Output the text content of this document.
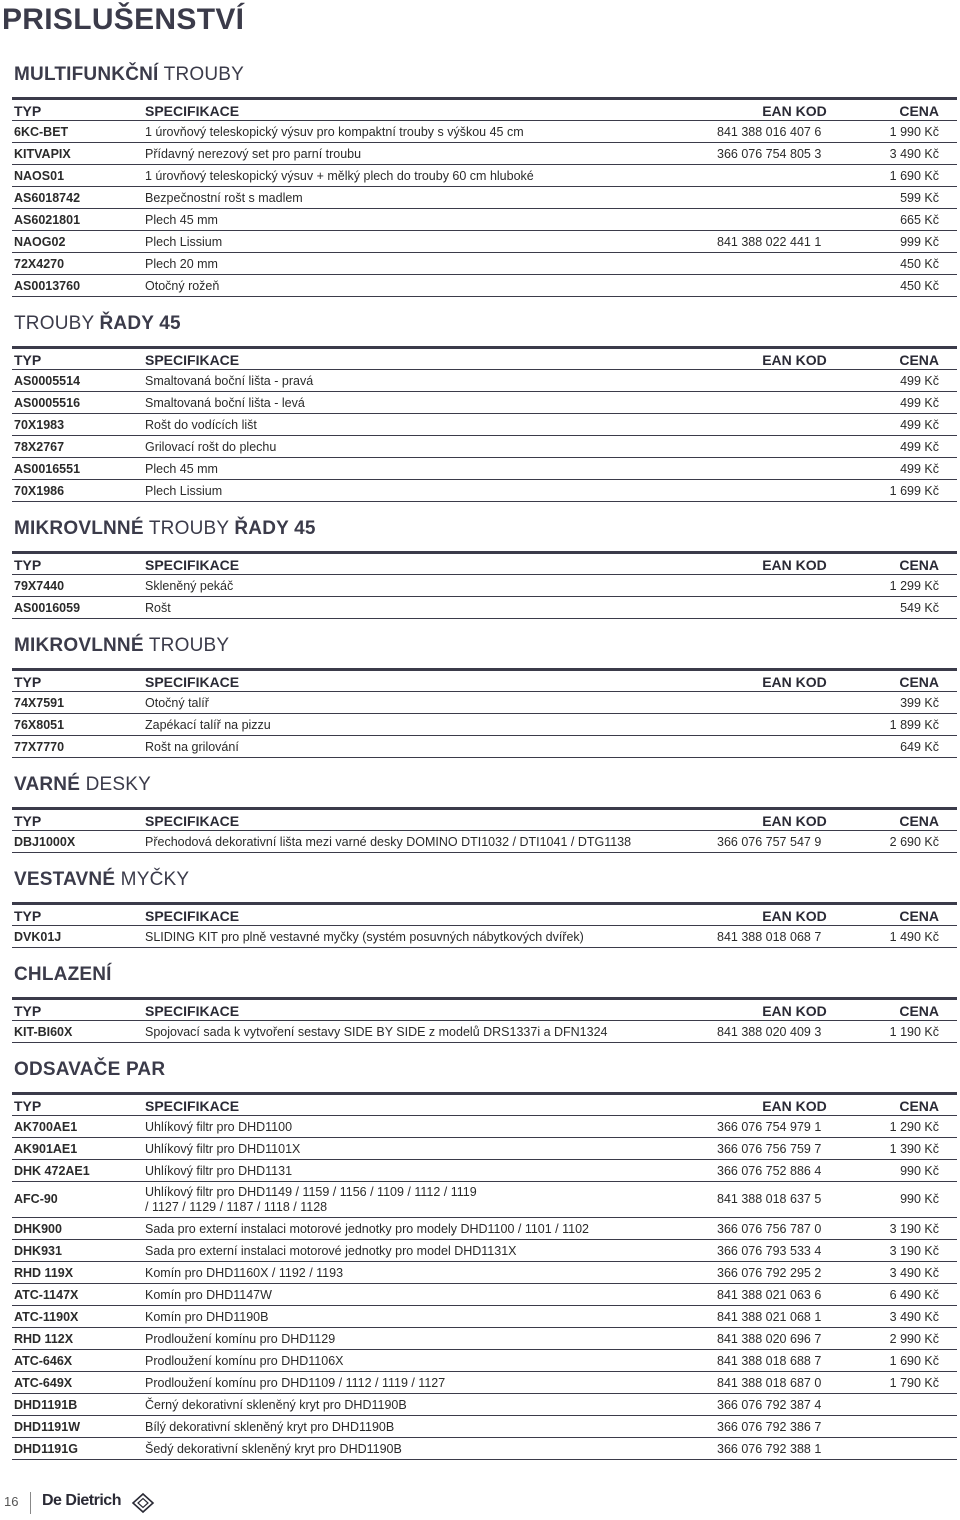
PRISLUŠENSTVÍ
MULTIFUNKČNÍ TROUBY
TYP	SPECIFIKACE	EAN KOD	CENA
6KC-BET	1 úrovňový teleskopický výsuv pro kompaktní trouby s výškou 45 cm	841 388 016 407 6	1 990 Kč
KITVAPIX	Přídavný nerezový set pro parní troubu	366 076 754 805 3	3 490 Kč
NAOS01	1 úrovňový teleskopický výsuv + mělký plech do trouby 60 cm hluboké		1 690 Kč
AS6018742	Bezpečnostní rošt s madlem		599 Kč
AS6021801	Plech 45 mm		665 Kč
NAOG02	Plech Lissium	841 388 022 441 1	999 Kč
72X4270	Plech 20 mm		450 Kč
AS0013760	Otočný rožeň		450 Kč
TROUBY ŘADY 45
TYP	SPECIFIKACE	EAN KOD	CENA
AS0005514	Smaltovaná boční lišta - pravá		499 Kč
AS0005516	Smaltovaná boční lišta - levá		499 Kč
70X1983	Rošt do vodících lišt		499 Kč
78X2767	Grilovací rošt do plechu		499 Kč
AS0016551	Plech 45 mm		499 Kč
70X1986	Plech Lissium		1 699 Kč
MIKROVLNNÉ TROUBY ŘADY 45
TYP	SPECIFIKACE	EAN KOD	CENA
79X7440	Skleněný pekáč		1 299 Kč
AS0016059	Rošt		549 Kč
MIKROVLNNÉ TROUBY
TYP	SPECIFIKACE	EAN KOD	CENA
74X7591	Otočný talíř		399 Kč
76X8051	Zapékací talíř na pizzu		1 899 Kč
77X7770	Rošt na grilování		649 Kč
VARNÉ DESKY
TYP	SPECIFIKACE	EAN KOD	CENA
DBJ1000X	Přechodová dekorativní lišta mezi varné desky DOMINO DTI1032 / DTI1041 / DTG1138	366 076 757 547 9	2 690 Kč
VESTAVNÉ MYČKY
TYP	SPECIFIKACE	EAN KOD	CENA
DVK01J	SLIDING KIT pro plně vestavné myčky (systém posuvných nábytkových dvířek)	841 388 018 068 7	1 490 Kč
CHLAZENÍ
TYP	SPECIFIKACE	EAN KOD	CENA
KIT-BI60X	Spojovací sada k vytvoření sestavy SIDE BY SIDE z modelů DRS1337i a DFN1324	841 388 020 409 3	1 190 Kč
ODSAVAČE PAR
TYP	SPECIFIKACE	EAN KOD	CENA
AK700AE1	Uhlíkový filtr pro DHD1100	366 076 754 979 1	1 290 Kč
AK901AE1	Uhlíkový filtr pro DHD1101X	366 076 756 759 7	1 390 Kč
DHK 472AE1	Uhlíkový filtr pro DHD1131	366 076 752 886 4	990 Kč
AFC-90	Uhlíkový filtr pro DHD1149 / 1159 / 1156 / 1109 / 1112 / 1119
/ 1127 / 1129 / 1187 / 1118 / 1128	841 388 018 637 5	990 Kč
DHK900	Sada pro externí instalaci motorové jednotky pro modely DHD1100 / 1101 / 1102	366 076 756 787 0	3 190 Kč
DHK931	Sada pro externí instalaci motorové jednotky pro model DHD1131X	366 076 793 533 4	3 190 Kč
RHD 119X	Komín pro DHD1160X / 1192 / 1193	366 076 792 295 2	3 490 Kč
ATC-1147X	Komín pro DHD1147W	841 388 021 063 6	6 490 Kč
ATC-1190X	Komín pro DHD1190B	841 388 021 068 1	3 490 Kč
RHD 112X	Prodloužení komínu pro DHD1129	841 388 020 696 7	2 990 Kč
ATC-646X	Prodloužení komínu pro DHD1106X	841 388 018 688 7	1 690 Kč
ATC-649X	Prodloužení komínu pro DHD1109 / 1112 / 1119 / 1127	841 388 018 687 0	1 790 Kč
DHD1191B	Černý dekorativní skleněný kryt pro DHD1190B	366 076 792 387 4	
DHD1191W	Bílý dekorativní skleněný kryt pro DHD1190B	366 076 792 386 7	
DHD1191G	Šedý dekorativní skleněný kryt pro DHD1190B	366 076 792 388 1	
16 De Dietrich
